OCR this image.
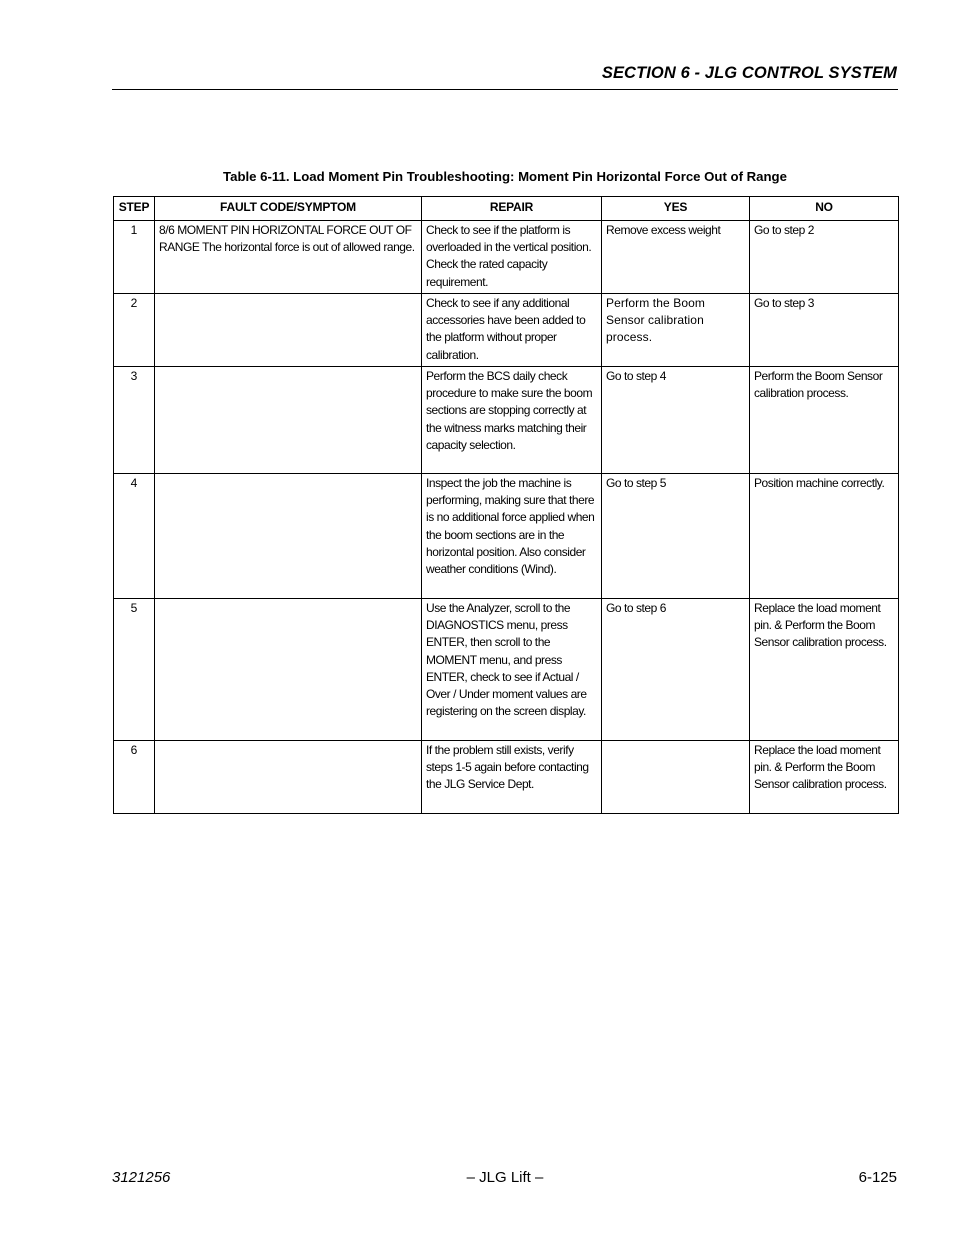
SECTION 6 - JLG CONTROL SYSTEM
Table 6-11. Load Moment Pin Troubleshooting: Moment Pin Horizontal Force Out of Range
STEP	FAULT CODE/SYMPTOM	REPAIR	YES	NO
1	8/6 MOMENT PIN HORIZONTAL FORCE OUT OF RANGE The horizontal force is out of allowed range.	Check to see if the platform is overloaded in the vertical position. Check the rated capacity requirement.	Remove excess weight	Go to step 2
2		Check to see if any additional accessories have been added to the platform without proper calibration.	Perform the Boom Sensor calibration process.	Go to step 3
3		Perform the BCS daily check procedure to make sure the boom sections are stopping correctly at the witness marks matching their capacity selection.	Go to step 4	Perform the Boom Sensor calibration process.
4		Inspect the job the machine is performing, making sure that there is no additional force applied when the boom sections are in the horizontal position. Also consider weather conditions (Wind).	Go to step 5	Position machine correctly.
5		Use the Analyzer, scroll to the DIAGNOSTICS menu, press ENTER, then scroll to the MOMENT menu, and press ENTER, check to see if Actual / Over / Under moment values are registering on the screen display.	Go to step 6	Replace the load moment pin. & Perform the Boom Sensor calibration process.
6		If the problem still exists, verify steps 1-5 again before contacting the JLG Service Dept.		Replace the load moment pin. & Perform the Boom Sensor calibration process.
3121256	– JLG Lift –	6-125
